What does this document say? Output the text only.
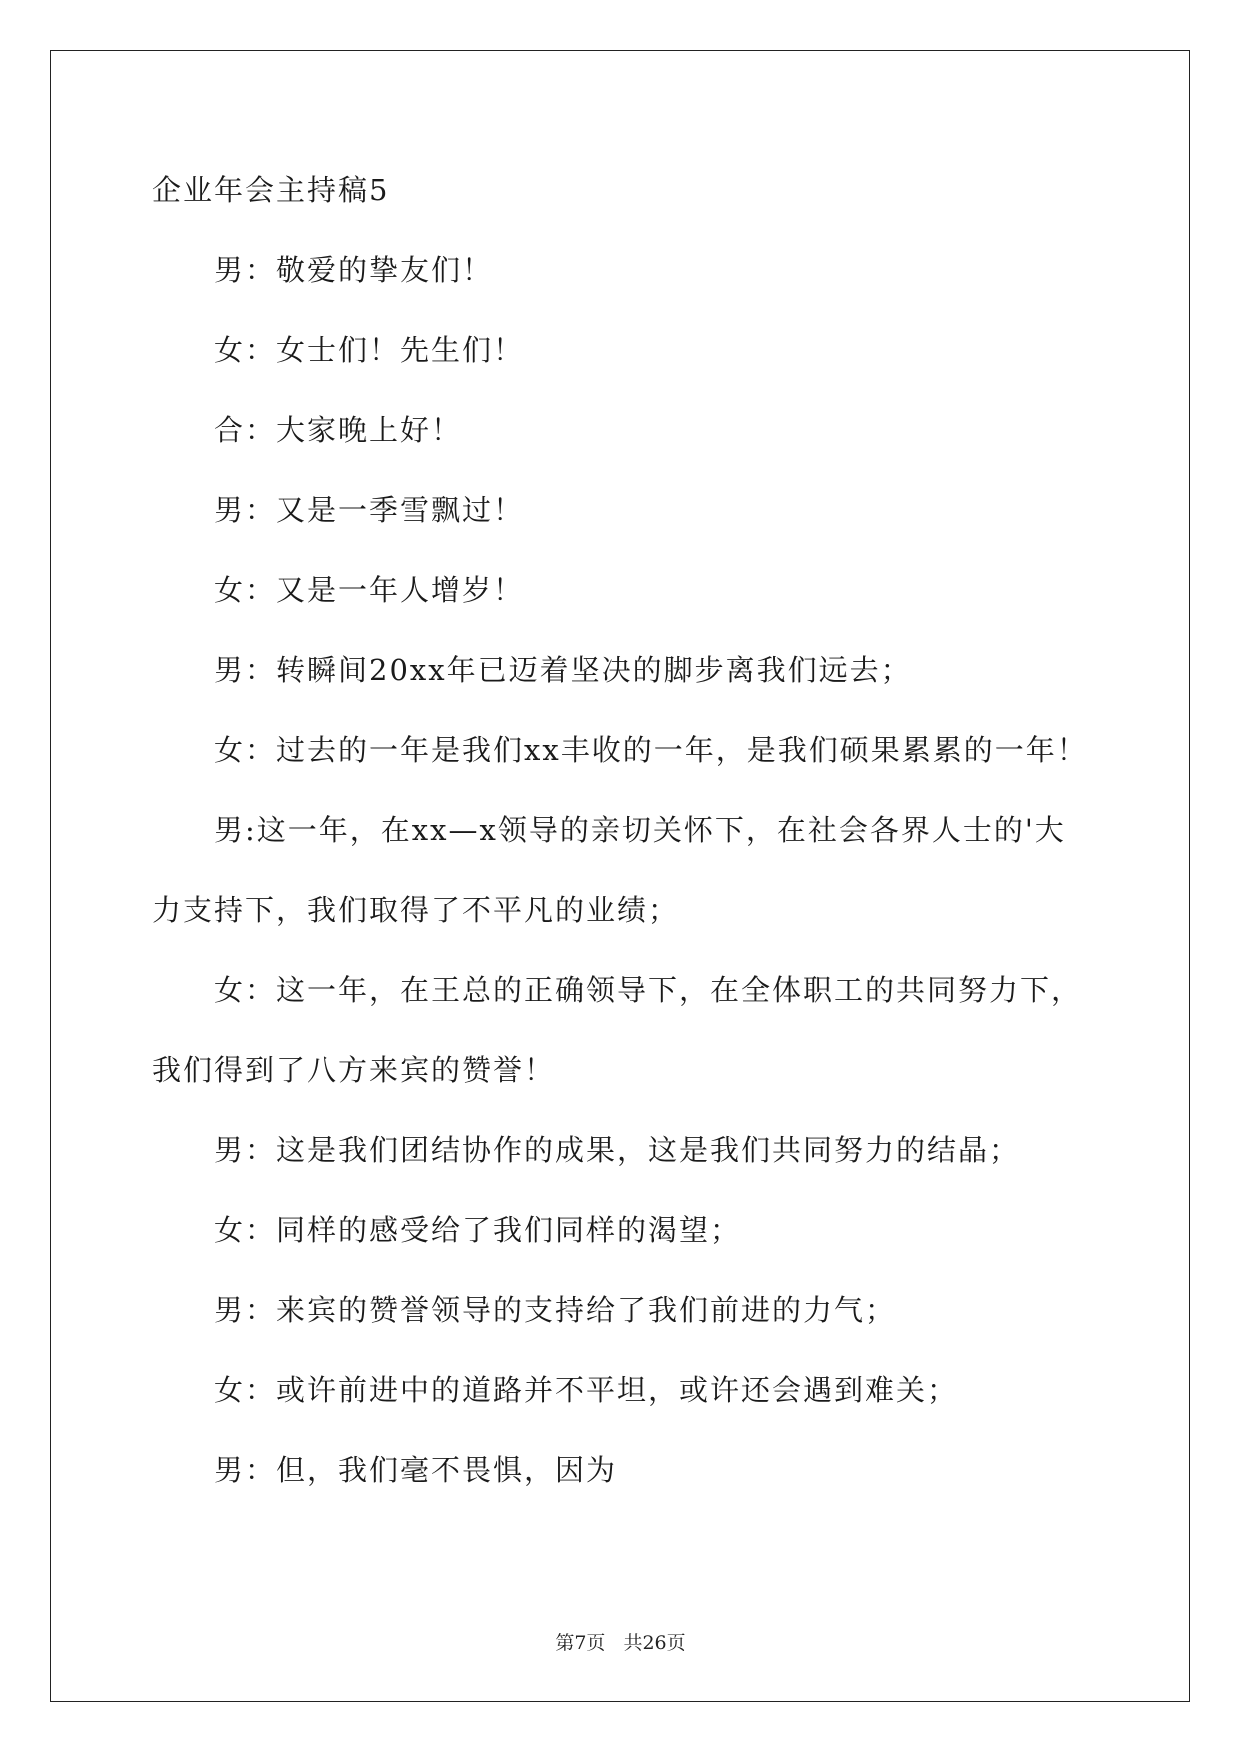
企业年会主持稿5
男：敬爱的挚友们！
女：女士们！先生们！
合：大家晚上好！
男：又是一季雪飘过！
女：又是一年人增岁！
男：转瞬间20xx年已迈着坚决的脚步离我们远去；
女：过去的一年是我们xx丰收的一年，是我们硕果累累的一年！
男:这一年，在xx—x领导的亲切关怀下，在社会各界人士的'大
力支持下，我们取得了不平凡的业绩；
女：这一年，在王总的正确领导下，在全体职工的共同努力下，
我们得到了八方来宾的赞誉！
男：这是我们团结协作的成果，这是我们共同努力的结晶；
女：同样的感受给了我们同样的渴望；
男：来宾的赞誉领导的支持给了我们前进的力气；
女：或许前进中的道路并不平坦，或许还会遇到难关；
男：但，我们毫不畏惧，因为
第7页 共26页
